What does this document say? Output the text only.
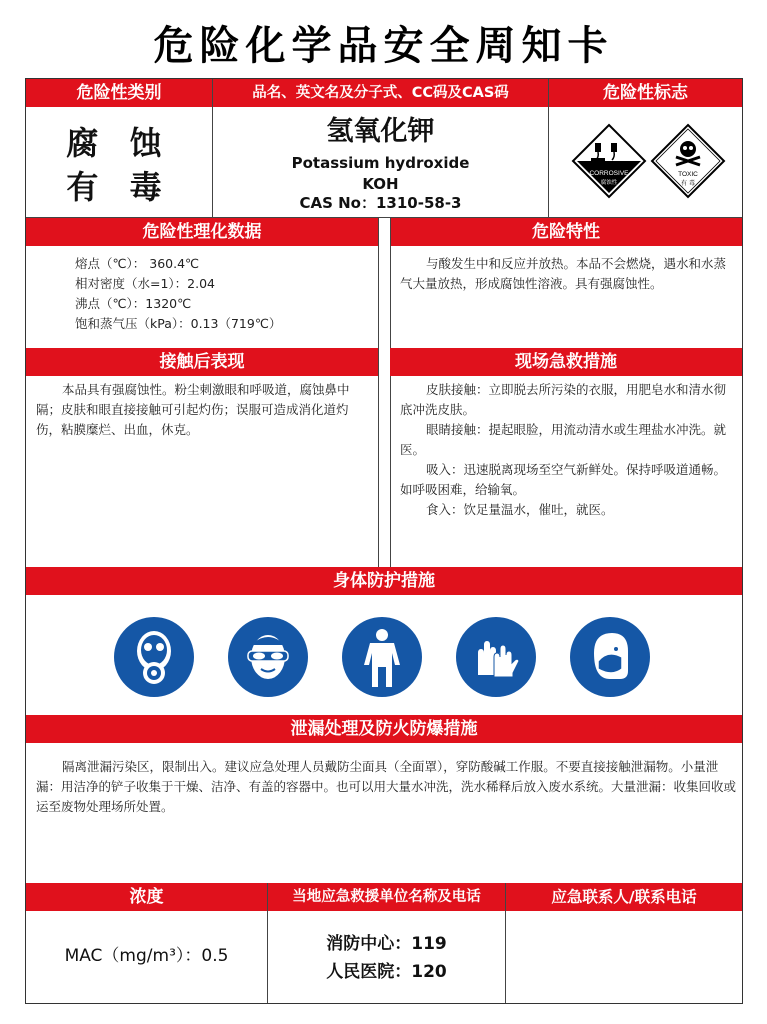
危险化学品安全周知卡
危险性类别	品名、英文名及分子式、CC码及CAS码	危险性标志
腐 蚀
有 毒
氢氧化钾
Potassium hydroxide
KOH
CAS No：1310-58-3
CORROSIVE
腐蚀性
TOXIC
有 毒
危险性理化数据	危险特性

熔点（℃）： 360.4℃

相对密度（水=1）：2.04

沸点（℃）：1320℃

饱和蒸气压（kPa）：0.13（719℃）

与酸发生中和反应并放热。本品不会燃烧，遇水和水蒸气大量放热，形成腐蚀性溶液。具有强腐蚀性。
接触后表现	现场急救措施
本品具有强腐蚀性。粉尘刺激眼和呼吸道，腐蚀鼻中隔；皮肤和眼直接接触可引起灼伤；误服可造成消化道灼伤，粘膜糜烂、出血，休克。

皮肤接触：立即脱去所污染的衣服，用肥皂水和清水彻底冲洗皮肤。

眼睛接触：提起眼脸，用流动清水或生理盐水冲洗。就医。

吸入：迅速脱离现场至空气新鲜处。保持呼吸道通畅。如呼吸困难，给输氧。

食入：饮足量温水，催吐，就医。

身体防护措施
泄漏处理及防火防爆措施
隔离泄漏污染区，限制出入。建议应急处理人员戴防尘面具（全面罩），穿防酸碱工作服。不要直接接触泄漏物。小量泄漏：用洁净的铲子收集于干燥、洁净、有盖的容器中。也可以用大量水冲洗，洗水稀释后放入废水系统。大量泄漏：收集回收或运至废物处理场所处置。
浓度	当地应急救援单位名称及电话	应急联系人/联系电话
MAC（mg/m³）：0.5
消防中心：119
人民医院：120
